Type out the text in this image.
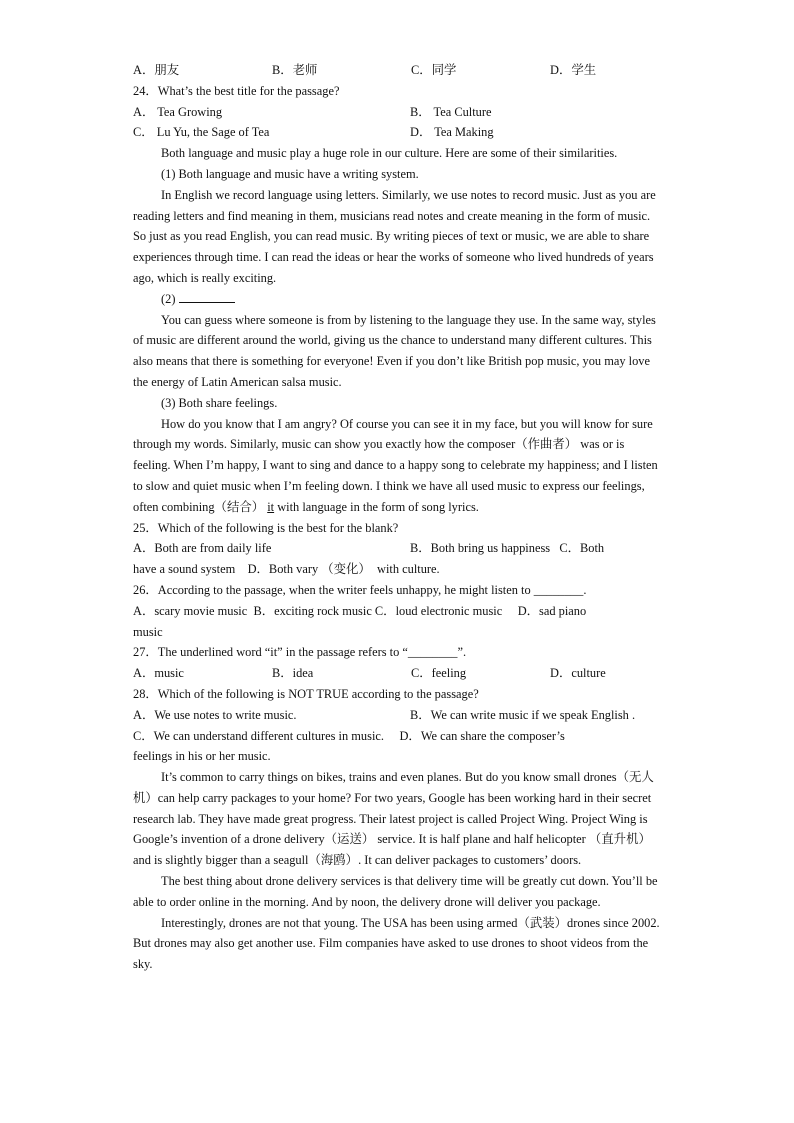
A．朋友	B．老师	C．同学	D．学生
24．What’s the best title for the passage?
A． Tea Growing	B． Tea Culture
C． Lu Yu, the Sage of Tea	D． Tea Making
Both language and music play a huge role in our culture. Here are some of their similarities.
(1) Both language and music have a writing system.
In English we record language using letters. Similarly, we use notes to record music. Just as you are reading letters and find meaning in them, musicians read notes and create meaning in the form of music. So just as you read English, you can read music. By writing pieces of text or music, we are able to share experiences through time. I can read the ideas or hear the works of someone who lived hundreds of years ago, which is really exciting.
(2)
You can guess where someone is from by listening to the language they use. In the same way, styles of music are different around the world, giving us the chance to understand many different cultures. This also means that there is something for everyone! Even if you don’t like British pop music, you may love the energy of Latin American salsa music.
(3) Both share feelings.
How do you know that I am angry? Of course you can see it in my face, but you will know for sure through my words. Similarly, music can show you exactly how the composer（作曲者） was or is feeling. When I’m happy, I want to sing and dance to a happy song to celebrate my happiness; and I listen to slow and quiet music when I’m feeling down. I think we have all used music to express our feelings, often combining（结合） it with language in the form of song lyrics.
25．Which of the following is the best for the blank?
A．Both are from daily life	B．Both bring us happiness   C．Both
have a sound system    D．Both vary （变化）  with culture.
26．According to the passage, when the writer feels unhappy, he might listen to ________.
A．scary movie music  B．exciting rock music C．loud electronic music     D．sad piano
music
27．The underlined word “it” in the passage refers to “________”.
A．music	B．idea	C．feeling	D．culture
28．Which of the following is NOT TRUE according to the passage?
A．We use notes to write music.	B．We can write music if we speak English .
C．We can understand different cultures in music.     D．We can share the composer’s
feelings in his or her music.
It’s common to carry things on bikes, trains and even planes. But do you know small drones（无人机）can help carry packages to your home? For two years, Google has been working hard in their secret research lab. They have made great progress. Their latest project is called Project Wing. Project Wing is Google’s invention of a drone delivery（运送） service. It is half plane and half helicopter （直升机） and is slightly bigger than a seagull（海鸥）. It can deliver packages to customers’ doors.
The best thing about drone delivery services is that delivery time will be greatly cut down. You’ll be able to order online in the morning. And by noon, the delivery drone will deliver you package.
Interestingly, drones are not that young. The USA has been using armed（武装）drones since 2002. But drones may also get another use. Film companies have asked to use drones to shoot videos from the sky.
